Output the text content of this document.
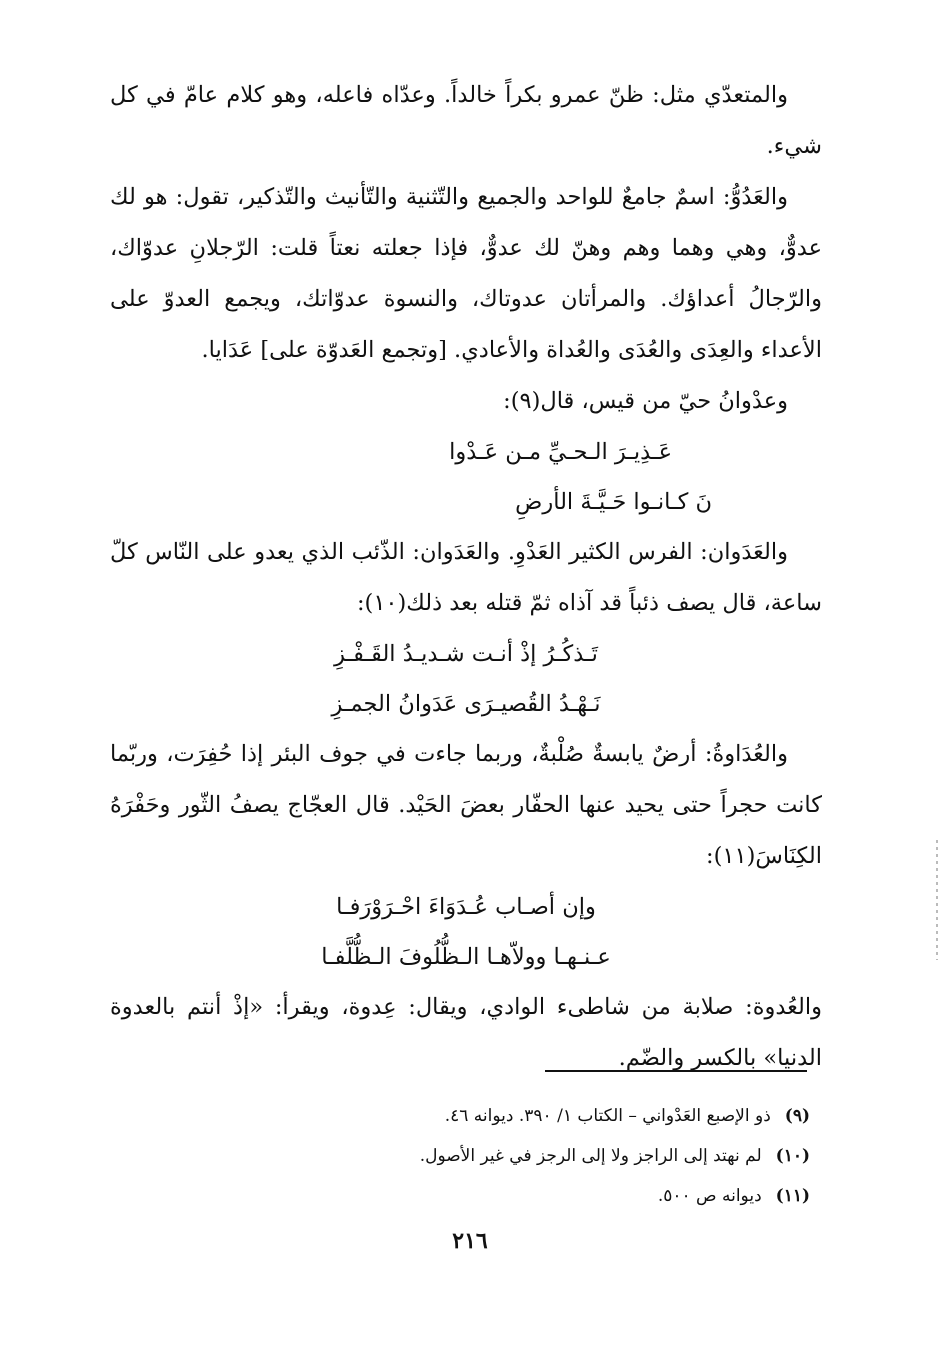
والمتعدّي مثل: ظنّ عمرو بكراً خالداً. وعدّاه فاعله، وهو كلام عامّ في كل شيء.

والعَدُوُّ: اسمٌ جامعٌ للواحد والجميع والتّثنية والتّأنيث والتّذكير، تقول: هو لك عدوٌّ، وهي وهما وهم وهنّ لك عدوٌّ، فإذا جعلته نعتاً قلت: الرّجلانِ عدوّاك، والرّجالُ أعداؤك. والمرأتان عدوتاك، والنسوة عدوّاتك، ويجمع العدوّ على الأعداء والعِدَى والعُدَى والعُداة والأعادي. [وتجمع العَدوّة على] عَدَايا.

وعدْوانُ حيّ من قيس، قال(٩):

عَـذِيـرَ الـحـيِّ مـن عَـدْوا
نَ كـانـوا حَـيَّـةَ الأرضِ

والعَدَوان: الفرس الكثير العَدْوِ. والعَدَوان: الذّئب الذي يعدو على النّاس كلّ ساعة، قال يصف ذئباً قد آذاه ثمّ قتله بعد ذلك(١٠):

تَـذكُـرُ إذْ أنـت شـديـدُ القَـفْـزِ
نَـهْـدُ القُصيـرَى عَدَوانُ الجمـزِ

والعُدَاوةُ: أرضٌ يابسةٌ صُلْبةٌ، وربما جاءت في جوف البئر إذا حُفِرَت، وربّما كانت حجراً حتى يحيد عنها الحفّار بعضَ الحَيْد. قال العجّاج يصفُ الثّور وحَفْرَهُ الكِنَاسَ(١١):

وإن أصـاب عُـدَوَاءَ احْـرَوْرَفـا
عـنـهـا وولاّهـا الـظُّلُوفَ الـظُّلَّفـا

والعُدوة: صلابة من شاطىء الوادي، ويقال: عِدوة، ويقرأ: «إذْ أنتم بالعدوة الدنيا» بالكسر والضّم.

(٩)ذو الإصبع العَدْواني – الكتاب ١/ ٣٩٠. ديوانه ٤٦.

(١٠)لم نهتد إلى الراجز ولا إلى الرجز في غير الأصول.

(١١)ديوانه ص ٥٠٠.

٢١٦
